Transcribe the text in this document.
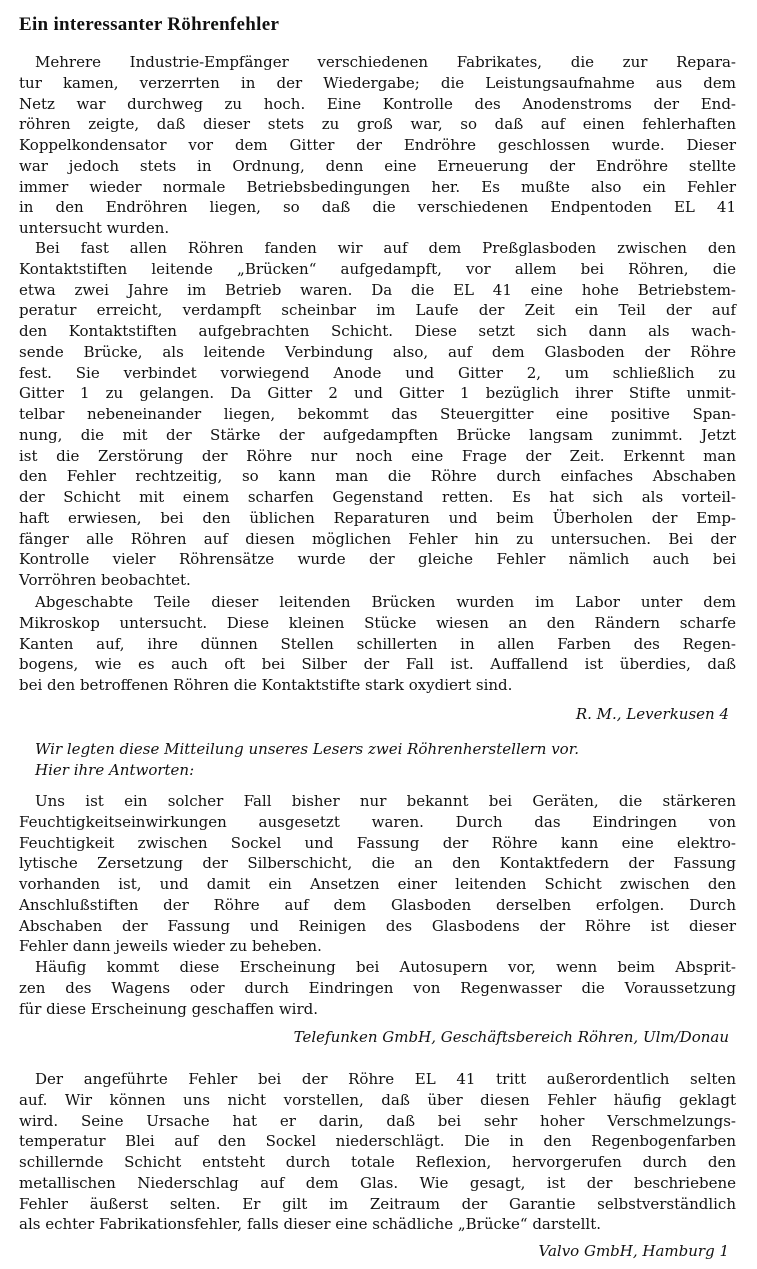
Ein interessanter Röhrenfehler
Mehrere Industrie-Empfänger verschiedenen Fabrikates, die zur Repara-
tur kamen, verzerrten in der Wiedergabe; die Leistungsaufnahme aus dem
Netz war durchweg zu hoch. Eine Kontrolle des Anodenstroms der End-
röhren zeigte, daß dieser stets zu groß war, so daß auf einen fehlerhaften
Koppelkondensator vor dem Gitter der Endröhre geschlossen wurde. Dieser
war jedoch stets in Ordnung, denn eine Erneuerung der Endröhre stellte
immer wieder normale Betriebsbedingungen her. Es mußte also ein Fehler
in den Endröhren liegen, so daß die verschiedenen Endpentoden EL 41
untersucht wurden.
Bei fast allen Röhren fanden wir auf dem Preßglasboden zwischen den
Kontaktstiften leitende „Brücken“ aufgedampft, vor allem bei Röhren, die
etwa zwei Jahre im Betrieb waren. Da die EL 41 eine hohe Betriebstem-
peratur erreicht, verdampft scheinbar im Laufe der Zeit ein Teil der auf
den Kontaktstiften aufgebrachten Schicht. Diese setzt sich dann als wach-
sende Brücke, als leitende Verbindung also, auf dem Glasboden der Röhre
fest. Sie verbindet vorwiegend Anode und Gitter 2, um schließlich zu
Gitter 1 zu gelangen. Da Gitter 2 und Gitter 1 bezüglich ihrer Stifte unmit-
telbar nebeneinander liegen, bekommt das Steuergitter eine positive Span-
nung, die mit der Stärke der aufgedampften Brücke langsam zunimmt. Jetzt
ist die Zerstörung der Röhre nur noch eine Frage der Zeit. Erkennt man
den Fehler rechtzeitig, so kann man die Röhre durch einfaches Abschaben
der Schicht mit einem scharfen Gegenstand retten. Es hat sich als vorteil-
haft erwiesen, bei den üblichen Reparaturen und beim Überholen der Emp-
fänger alle Röhren auf diesen möglichen Fehler hin zu untersuchen. Bei der
Kontrolle vieler Röhrensätze wurde der gleiche Fehler nämlich auch bei
Vorröhren beobachtet.
Abgeschabte Teile dieser leitenden Brücken wurden im Labor unter dem
Mikroskop untersucht. Diese kleinen Stücke wiesen an den Rändern scharfe
Kanten auf, ihre dünnen Stellen schillerten in allen Farben des Regen-
bogens, wie es auch oft bei Silber der Fall ist. Auffallend ist überdies, daß
bei den betroffenen Röhren die Kontaktstifte stark oxydiert sind.
R. M., Leverkusen 4
Wir legten diese Mitteilung unseres Lesers zwei Röhrenherstellern vor.
Hier ihre Antworten:
Uns ist ein solcher Fall bisher nur bekannt bei Geräten, die stärkeren
Feuchtigkeitseinwirkungen ausgesetzt waren. Durch das Eindringen von
Feuchtigkeit zwischen Sockel und Fassung der Röhre kann eine elektro-
lytische Zersetzung der Silberschicht, die an den Kontaktfedern der Fassung
vorhanden ist, und damit ein Ansetzen einer leitenden Schicht zwischen den
Anschlußstiften der Röhre auf dem Glasboden derselben erfolgen. Durch
Abschaben der Fassung und Reinigen des Glasbodens der Röhre ist dieser
Fehler dann jeweils wieder zu beheben.
Häufig kommt diese Erscheinung bei Autosupern vor, wenn beim Absprit-
zen des Wagens oder durch Eindringen von Regenwasser die Voraussetzung
für diese Erscheinung geschaffen wird.
Telefunken GmbH, Geschäftsbereich Röhren, Ulm/Donau
Der angeführte Fehler bei der Röhre EL 41 tritt außerordentlich selten
auf. Wir können uns nicht vorstellen, daß über diesen Fehler häufig geklagt
wird. Seine Ursache hat er darin, daß bei sehr hoher Verschmelzungs-
temperatur Blei auf den Sockel niederschlägt. Die in den Regenbogenfarben
schillernde Schicht entsteht durch totale Reflexion, hervorgerufen durch den
metallischen Niederschlag auf dem Glas. Wie gesagt, ist der beschriebene
Fehler äußerst selten. Er gilt im Zeitraum der Garantie selbstverständlich
als echter Fabrikationsfehler, falls dieser eine schädliche „Brücke“ darstellt.
Valvo GmbH, Hamburg 1
